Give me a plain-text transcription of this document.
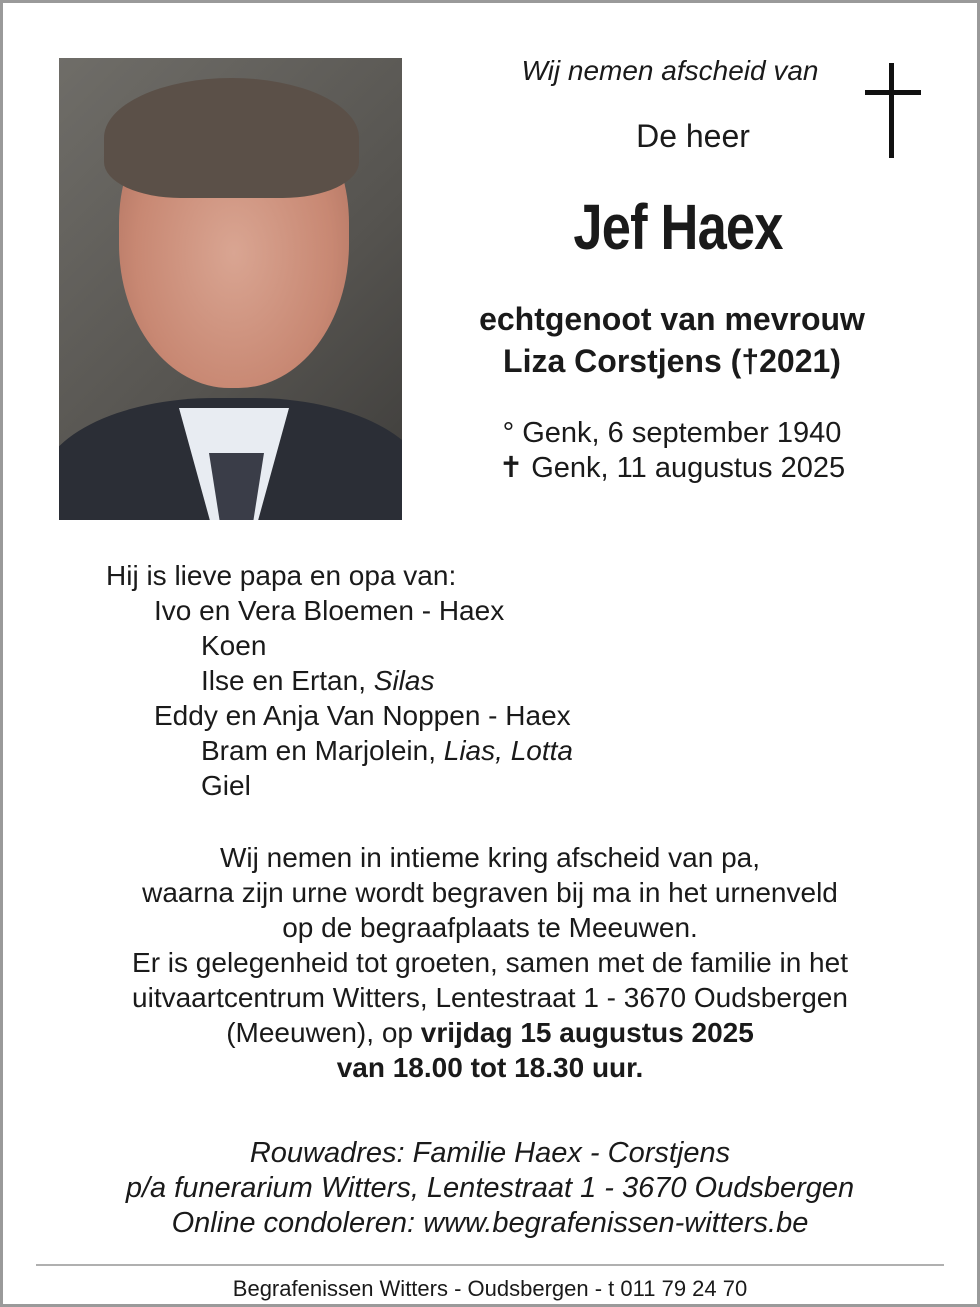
Wij nemen afscheid van
De heer
Jef Haex
echtgenoot van mevrouw
Liza Corstjens (†2021)
° Genk, 6 september 1940
✝ Genk, 11 augustus 2025
Hij is lieve papa en opa van:
Ivo en Vera Bloemen - Haex
Koen
Ilse en Ertan, Silas
Eddy en Anja Van Noppen - Haex
Bram en Marjolein, Lias, Lotta
Giel
Wij nemen in intieme kring afscheid van pa,
waarna zijn urne wordt begraven bij ma in het urnenveld
op de begraafplaats te Meeuwen.
Er is gelegenheid tot groeten, samen met de familie in het
uitvaartcentrum Witters, Lentestraat 1 - 3670 Oudsbergen
(Meeuwen), op vrijdag 15 augustus 2025
van 18.00 tot 18.30 uur.
Rouwadres: Familie Haex - Corstjens
p/a funerarium Witters, Lentestraat 1 - 3670 Oudsbergen
Online condoleren: www.begrafenissen-witters.be
Begrafenissen Witters - Oudsbergen - t 011 79 24 70
